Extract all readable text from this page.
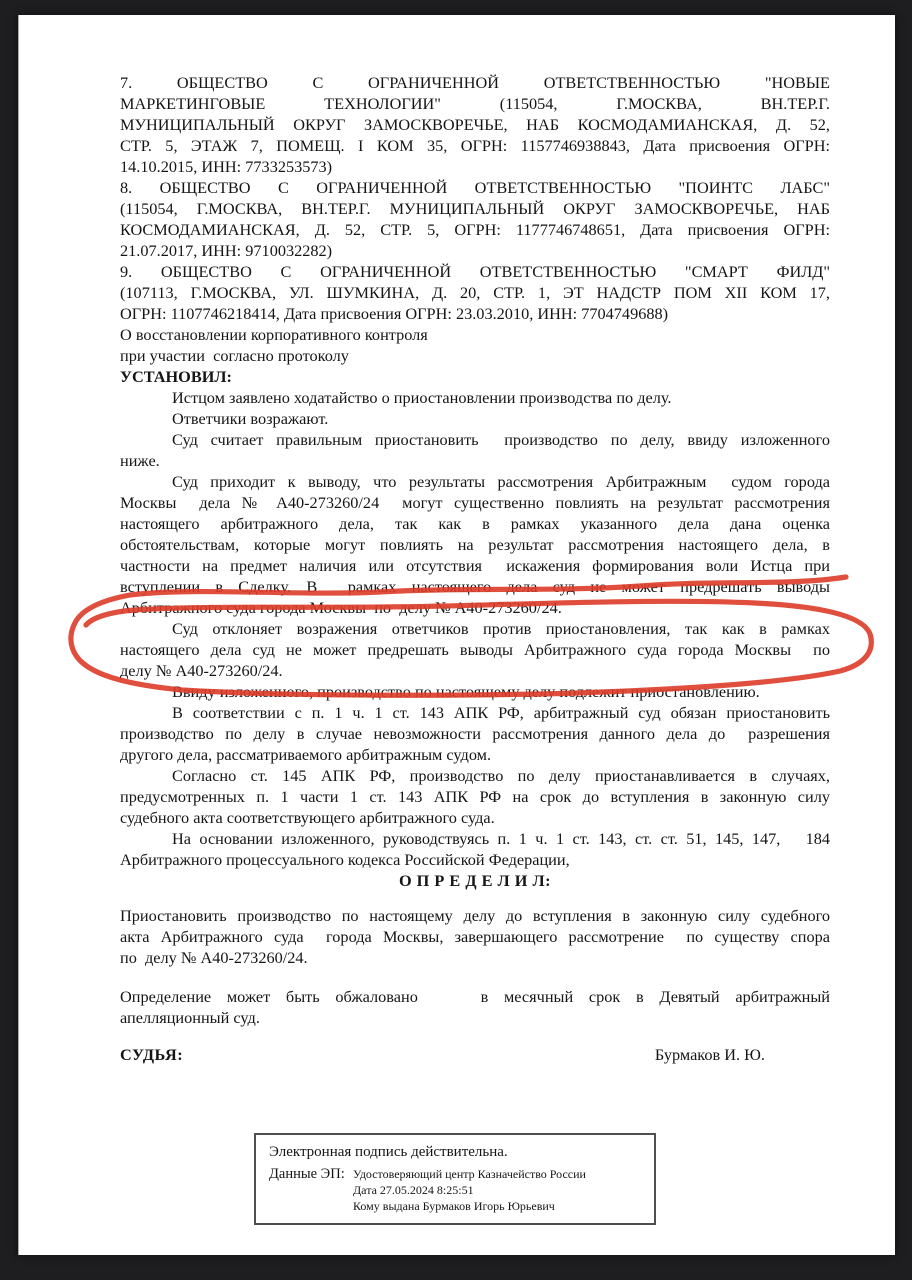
7. ОБЩЕСТВО С ОГРАНИЧЕННОЙ ОТВЕТСТВЕННОСТЬЮ "НОВЫЕ
МАРКЕТИНГОВЫЕ ТЕХНОЛОГИИ" (115054, Г.МОСКВА, ВН.ТЕР.Г.
МУНИЦИПАЛЬНЫЙ ОКРУГ ЗАМОСКВОРЕЧЬЕ, НАБ КОСМОДАМИАНСКАЯ, Д. 52,
СТР. 5, ЭТАЖ 7, ПОМЕЩ. I КОМ 35, ОГРН: 1157746938843, Дата присвоения ОГРН:
14.10.2015, ИНН: 7733253573)
8. ОБЩЕСТВО С ОГРАНИЧЕННОЙ ОТВЕТСТВЕННОСТЬЮ "ПОИНТС ЛАБС"
(115054, Г.МОСКВА, ВН.ТЕР.Г. МУНИЦИПАЛЬНЫЙ ОКРУГ ЗАМОСКВОРЕЧЬЕ, НАБ
КОСМОДАМИАНСКАЯ, Д. 52, СТР. 5, ОГРН: 1177746748651, Дата присвоения ОГРН:
21.07.2017, ИНН: 9710032282)
9. ОБЩЕСТВО С ОГРАНИЧЕННОЙ ОТВЕТСТВЕННОСТЬЮ "СМАРТ ФИЛД"
(107113, Г.МОСКВА, УЛ. ШУМКИНА, Д. 20, СТР. 1, ЭТ НАДСТР ПОМ XII КОМ 17,
ОГРН: 1107746218414, Дата присвоения ОГРН: 23.03.2010, ИНН: 7704749688)
О восстановлении корпоративного контроля
при участии  согласно протоколу
УСТАНОВИЛ:
Истцом заявлено ходатайство о приостановлении производства по делу.
Ответчики возражают.
Суд считает правильным приостановить  производство по делу, ввиду изложенного
ниже.
Суд приходит к выводу, что результаты рассмотрения Арбитражным  судом города
Москвы  дела № А40-273260/24  могут существенно повлиять на результат рассмотрения
настоящего арбитражного дела, так как в рамках указанного дела дана оценка
обстоятельствам, которые могут повлиять на результат рассмотрения настоящего дела, в
частности на предмет наличия или отсутствия  искажения формирования воли Истца при
вступлении в Сделку. В  рамках настоящего дела суд не может предрешать выводы
Арбитражного суда города Москвы  по  делу № А40-273260/24.
Суд отклоняет возражения ответчиков против приостановления, так как в рамках
настоящего дела суд не может предрешать выводы Арбитражного суда города Москвы  по
делу № А40-273260/24.
Ввиду изложенного, производство по настоящему делу подлежит приостановлению.
В соответствии с п. 1 ч. 1 ст. 143 АПК РФ, арбитражный суд обязан приостановить
производство по делу в случае невозможности рассмотрения данного дела до  разрешения
другого дела, рассматриваемого арбитражным судом.
Согласно ст. 145 АПК РФ, производство по делу приостанавливается в случаях,
предусмотренных п. 1 части 1 ст. 143 АПК РФ на срок до вступления в законную силу
судебного акта соответствующего арбитражного суда.
На основании изложенного, руководствуясь п. 1 ч. 1 ст. 143, ст. ст. 51, 145, 147,   184
Арбитражного процессуального кодекса Российской Федерации,
О П Р Е Д Е Л И Л:
Приостановить производство по настоящему делу до вступления в законную силу судебного
акта Арбитражного суда  города Москвы, завершающего рассмотрение  по существу спора
по  делу № А40-273260/24.
Определение может быть обжаловано    в месячный срок в Девятый арбитражный
апелляционный суд.
СУДЬЯ:	Бурмаков И. Ю.
Электронная подпись действительна.
Данные ЭП: Удостоверяющий центр Казначейство России
Дата 27.05.2024 8:25:51
Кому выдана Бурмаков Игорь Юрьевич
